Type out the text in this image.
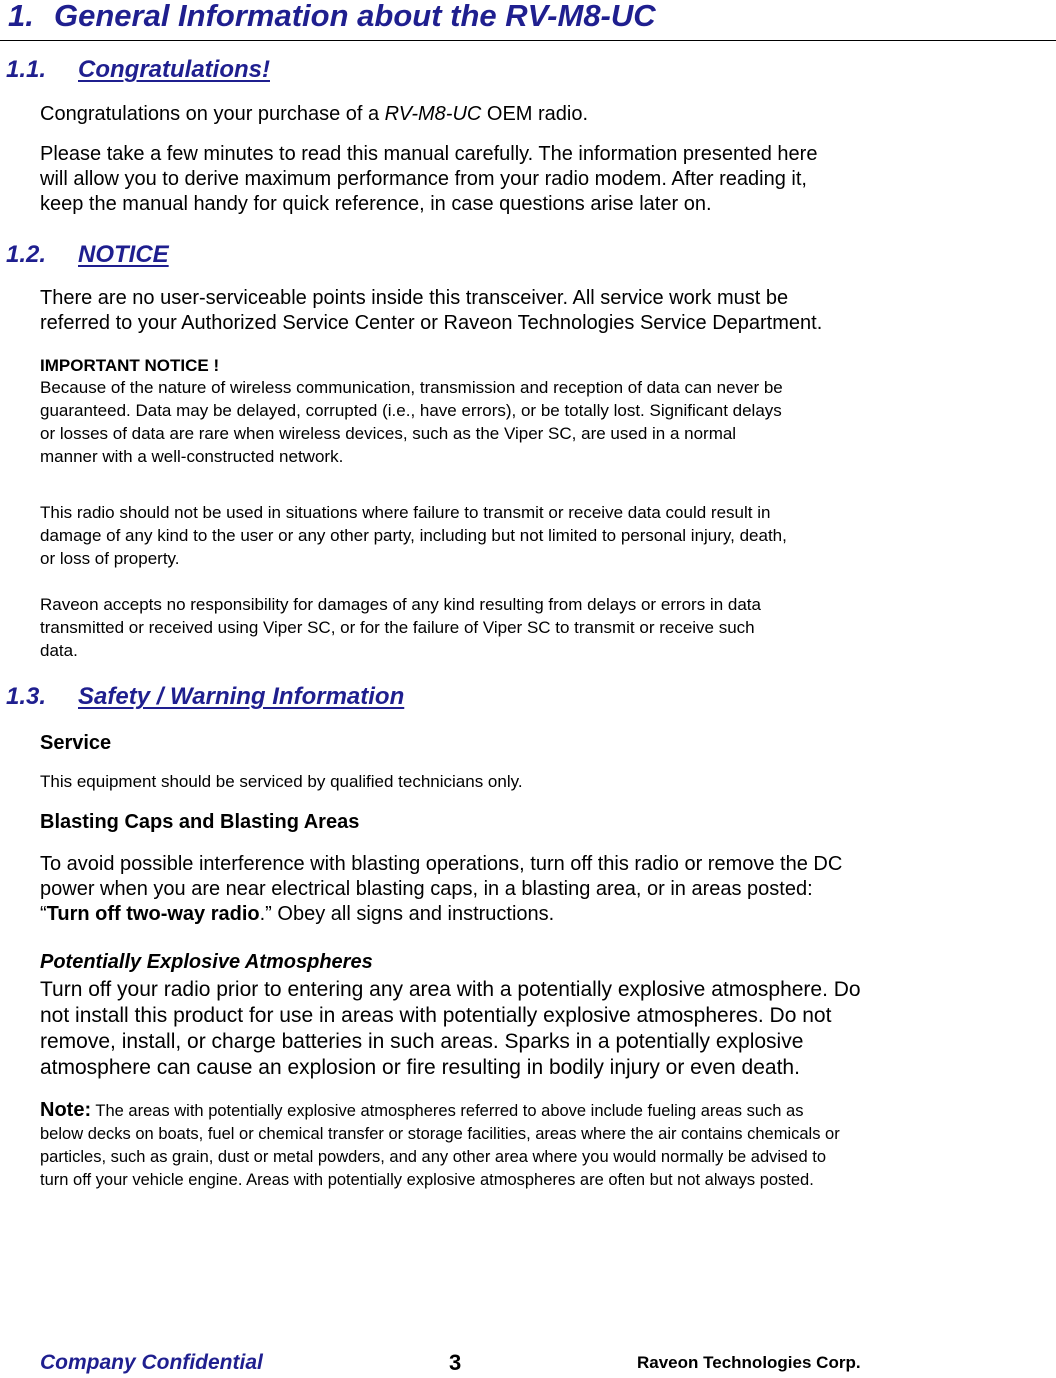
1. General Information about the RV-M8-UC
1.1. Congratulations!
Congratulations on your purchase of a RV-M8-UC OEM radio.
Please take a few minutes to read this manual carefully. The information presented here
will allow you to derive maximum performance from your radio modem. After reading it,
keep the manual handy for quick reference, in case questions arise later on.
1.2. NOTICE
There are no user-serviceable points inside this transceiver. All service work must be
referred to your Authorized Service Center or Raveon Technologies Service Department.
IMPORTANT NOTICE !
Because of the nature of wireless communication, transmission and reception of data can never be
guaranteed. Data may be delayed, corrupted (i.e., have errors), or be totally lost. Significant delays
or losses of data are rare when wireless devices, such as the Viper SC, are used in a normal
manner with a well-constructed network.
This radio should not be used in situations where failure to transmit or receive data could result in
damage of any kind to the user or any other party, including but not limited to personal injury, death,
or loss of property.
Raveon accepts no responsibility for damages of any kind resulting from delays or errors in data
transmitted or received using Viper SC, or for the failure of Viper SC to transmit or receive such
data.
1.3. Safety / Warning Information
Service
This equipment should be serviced by qualified technicians only.
Blasting Caps and Blasting Areas
To avoid possible interference with blasting operations, turn off this radio or remove the DC
power when you are near electrical blasting caps, in a blasting area, or in areas posted:
“Turn off two-way radio.” Obey all signs and instructions.
Potentially Explosive Atmospheres
Turn off your radio prior to entering any area with a potentially explosive atmosphere. Do
not install this product for use in areas with potentially explosive atmospheres. Do not
remove, install, or charge batteries in such areas. Sparks in a potentially explosive
atmosphere can cause an explosion or fire resulting in bodily injury or even death.
Note: The areas with potentially explosive atmospheres referred to above include fueling areas such as
below decks on boats, fuel or chemical transfer or storage facilities, areas where the air contains chemicals or
particles, such as grain, dust or metal powders, and any other area where you would normally be advised to
turn off your vehicle engine. Areas with potentially explosive atmospheres are often but not always posted.
Company Confidential	3	Raveon Technologies Corp.
